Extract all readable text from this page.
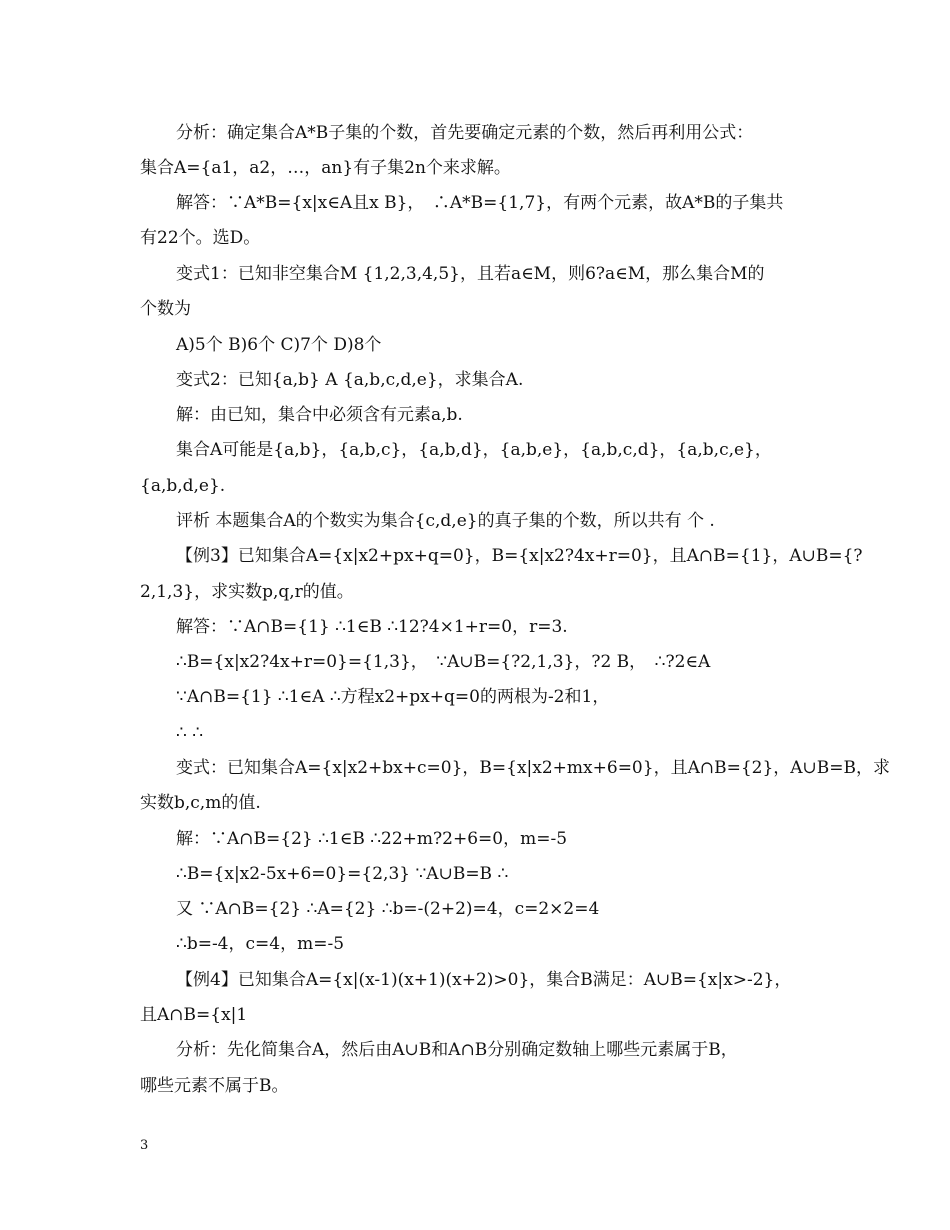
分析：确定集合A*B子集的个数，首先要确定元素的个数，然后再利用公式：

集合A={a1，a2，…，an}有子集2n个来求解。

解答：∵A*B={x|x∈A且x B}，　∴A*B={1,7}，有两个元素，故A*B的子集共

有22个。选D。

变式1：已知非空集合M {1,2,3,4,5}，且若a∈M，则6?a∈M，那么集合M的

个数为

A)5个 B)6个 C)7个 D)8个

变式2：已知{a,b} A {a,b,c,d,e}，求集合A.

解：由已知，集合中必须含有元素a,b.

集合A可能是{a,b}，{a,b,c}，{a,b,d}，{a,b,e}，{a,b,c,d}，{a,b,c,e}，

{a,b,d,e}.

评析 本题集合A的个数实为集合{c,d,e}的真子集的个数，所以共有 个 .

【例3】已知集合A={x|x2+px+q=0}，B={x|x2?4x+r=0}，且A∩B={1}，A∪B={?

2,1,3}，求实数p,q,r的值。

解答：∵A∩B={1} ∴1∈B ∴12?4×1+r=0，r=3.

∴B={x|x2?4x+r=0}={1,3}，　∵A∪B={?2,1,3}，?2 B，　∴?2∈A

∵A∩B={1} ∴1∈A ∴方程x2+px+q=0的两根为-2和1，

∴ ∴

变式：已知集合A={x|x2+bx+c=0}，B={x|x2+mx+6=0}，且A∩B={2}，A∪B=B，求

实数b,c,m的值.

解：∵A∩B={2} ∴1∈B ∴22+m?2+6=0，m=-5

∴B={x|x2-5x+6=0}={2,3} ∵A∪B=B ∴

又 ∵A∩B={2} ∴A={2} ∴b=-(2+2)=4，c=2×2=4

∴b=-4，c=4，m=-5

【例4】已知集合A={x|(x-1)(x+1)(x+2)>0}，集合B满足：A∪B={x|x>-2}，

且A∩B={x|1

分析：先化简集合A，然后由A∪B和A∩B分别确定数轴上哪些元素属于B，

哪些元素不属于B。

3
